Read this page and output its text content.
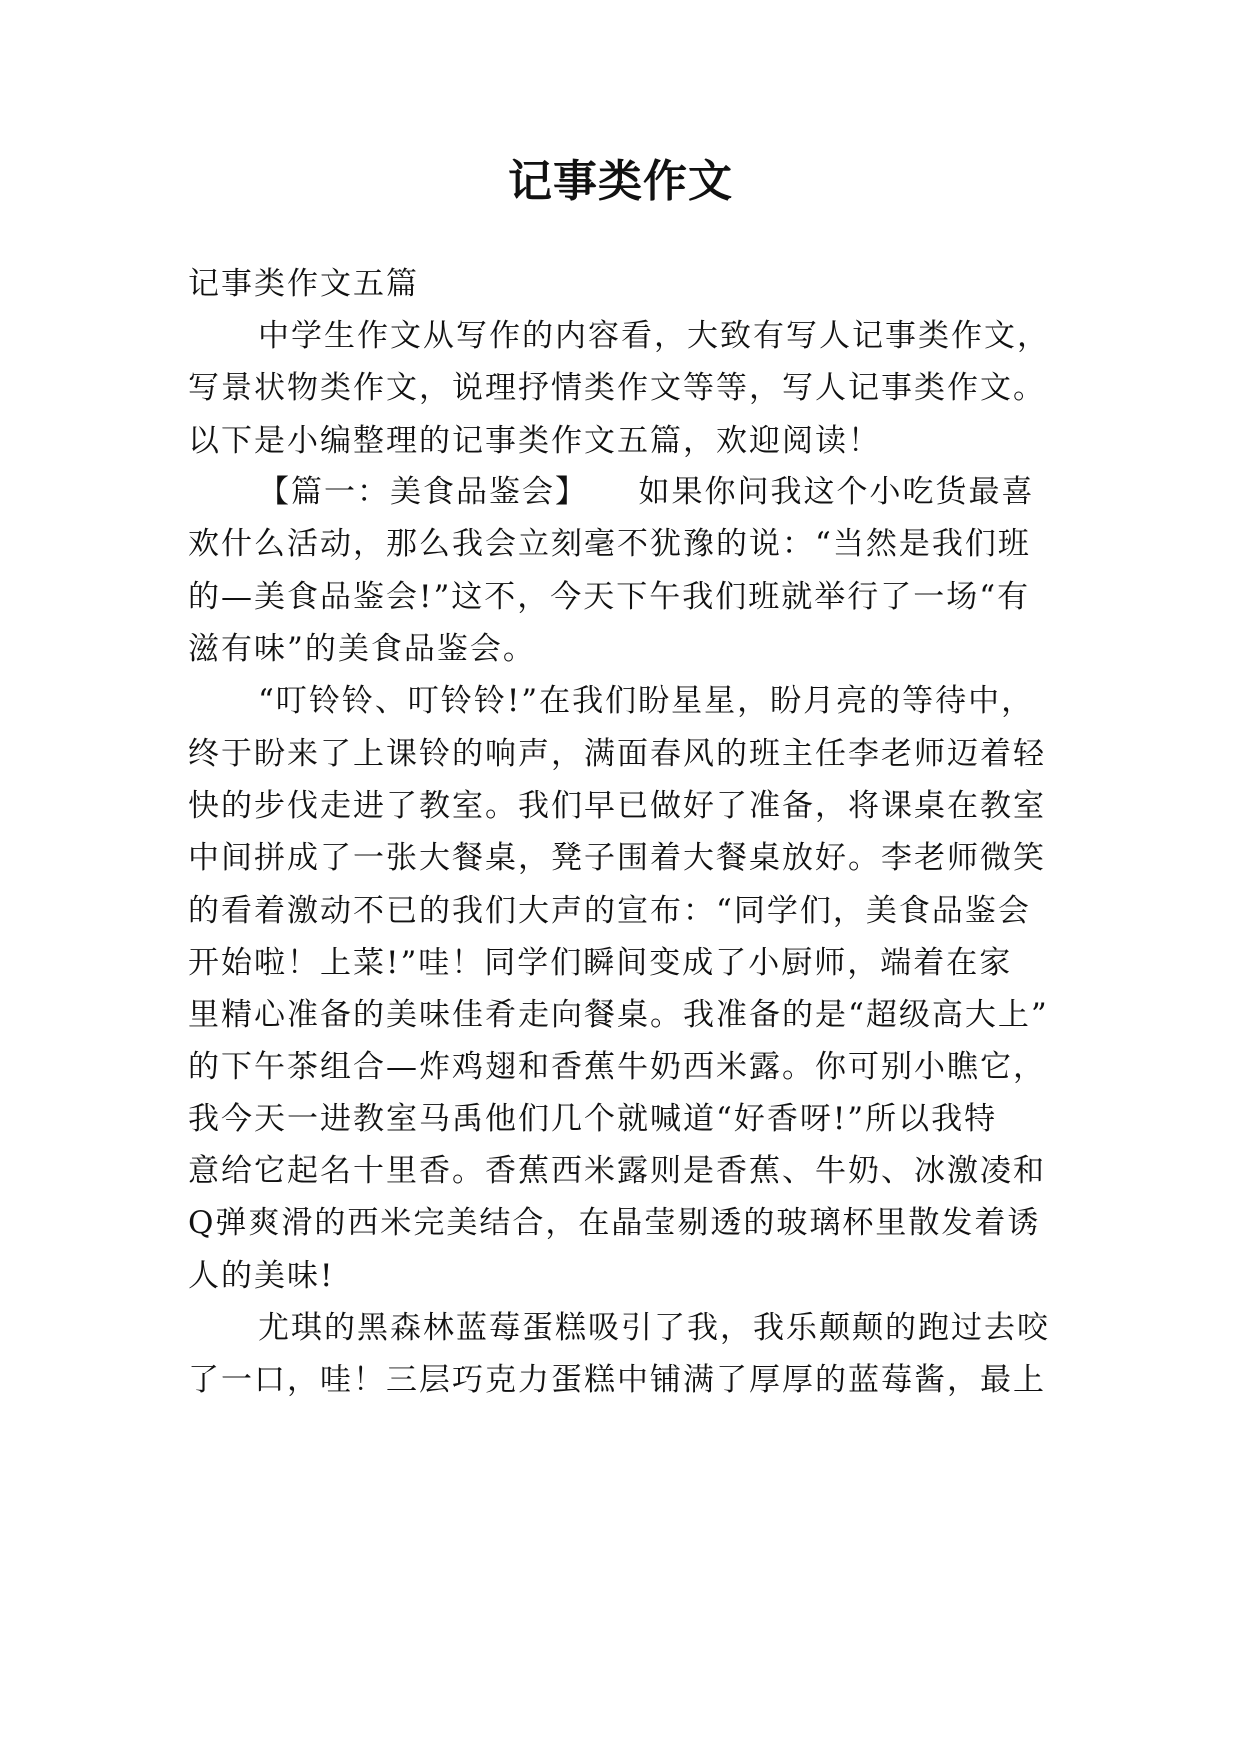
记事类作文
记事类作文五篇
中学生作文从写作的内容看，大致有写人记事类作文，
写景状物类作文，说理抒情类作文等等，写人记事类作文。
以下是小编整理的记事类作文五篇，欢迎阅读！
【篇一：美食品鉴会】　　如果你问我这个小吃货最喜
欢什么活动，那么我会立刻毫不犹豫的说：“当然是我们班
的—美食品鉴会!”这不，今天下午我们班就举行了一场“有
滋有味”的美食品鉴会。
“叮铃铃、叮铃铃!”在我们盼星星，盼月亮的等待中，
终于盼来了上课铃的响声，满面春风的班主任李老师迈着轻
快的步伐走进了教室。我们早已做好了准备，将课桌在教室
中间拼成了一张大餐桌，凳子围着大餐桌放好。李老师微笑
的看着激动不已的我们大声的宣布：“同学们，美食品鉴会
开始啦！上菜!”哇！同学们瞬间变成了小厨师，端着在家
里精心准备的美味佳肴走向餐桌。我准备的是“超级高大上”
的下午茶组合—炸鸡翅和香蕉牛奶西米露。你可别小瞧它，
我今天一进教室马禹他们几个就喊道“好香呀!”所以我特
意给它起名十里香。香蕉西米露则是香蕉、牛奶、冰激凌和
Q弹爽滑的西米完美结合，在晶莹剔透的玻璃杯里散发着诱
人的美味!
尤琪的黑森林蓝莓蛋糕吸引了我，我乐颠颠的跑过去咬
了一口，哇！三层巧克力蛋糕中铺满了厚厚的蓝莓酱，最上
